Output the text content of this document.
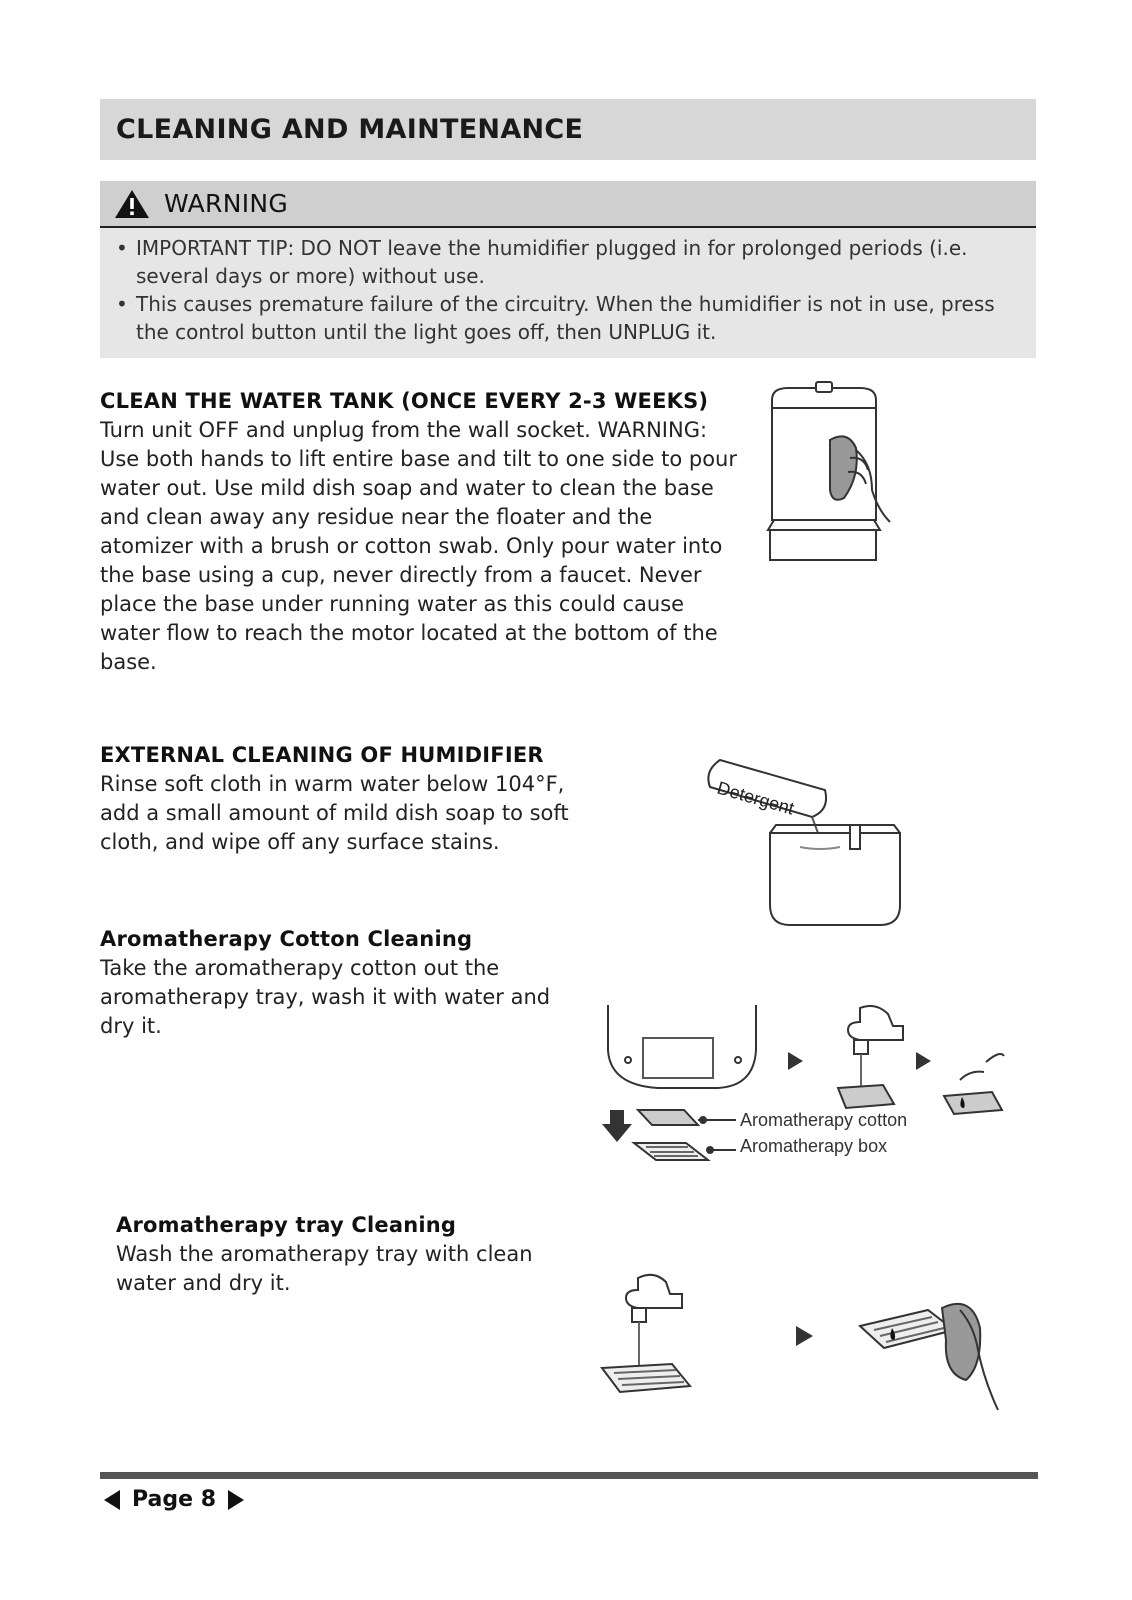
CLEANING AND MAINTENANCE
WARNING
• IMPORTANT TIP: DO NOT leave the humidifier plugged in for prolonged periods (i.e. several days or more) without use.
• This causes premature failure of the circuitry. When the humidifier is not in use, press the control button until the light goes off, then UNPLUG it.
CLEAN THE WATER TANK (ONCE EVERY 2-3 WEEKS)
Turn unit OFF and unplug from the wall socket. WARNING: Use both hands to lift entire base and tilt to one side to pour water out. Use mild dish soap and water to clean the base and clean away any residue near the floater and the atomizer with a brush or cotton swab. Only pour water into the base using a cup, never directly from a faucet. Never place the base under running water as this could cause water flow to reach the motor located at the bottom of the base.
EXTERNAL CLEANING OF HUMIDIFIER
Rinse soft cloth in warm water below 104°F, add a small amount of mild dish soap to soft cloth, and wipe off any surface stains.
Detergent
Aromatherapy Cotton Cleaning
Take the aromatherapy cotton out the aromatherapy tray, wash it with water and dry it.
Aromatherapy cotton
Aromatherapy box
Aromatherapy tray Cleaning
Wash the aromatherapy tray with clean water and dry it.
Page 8
